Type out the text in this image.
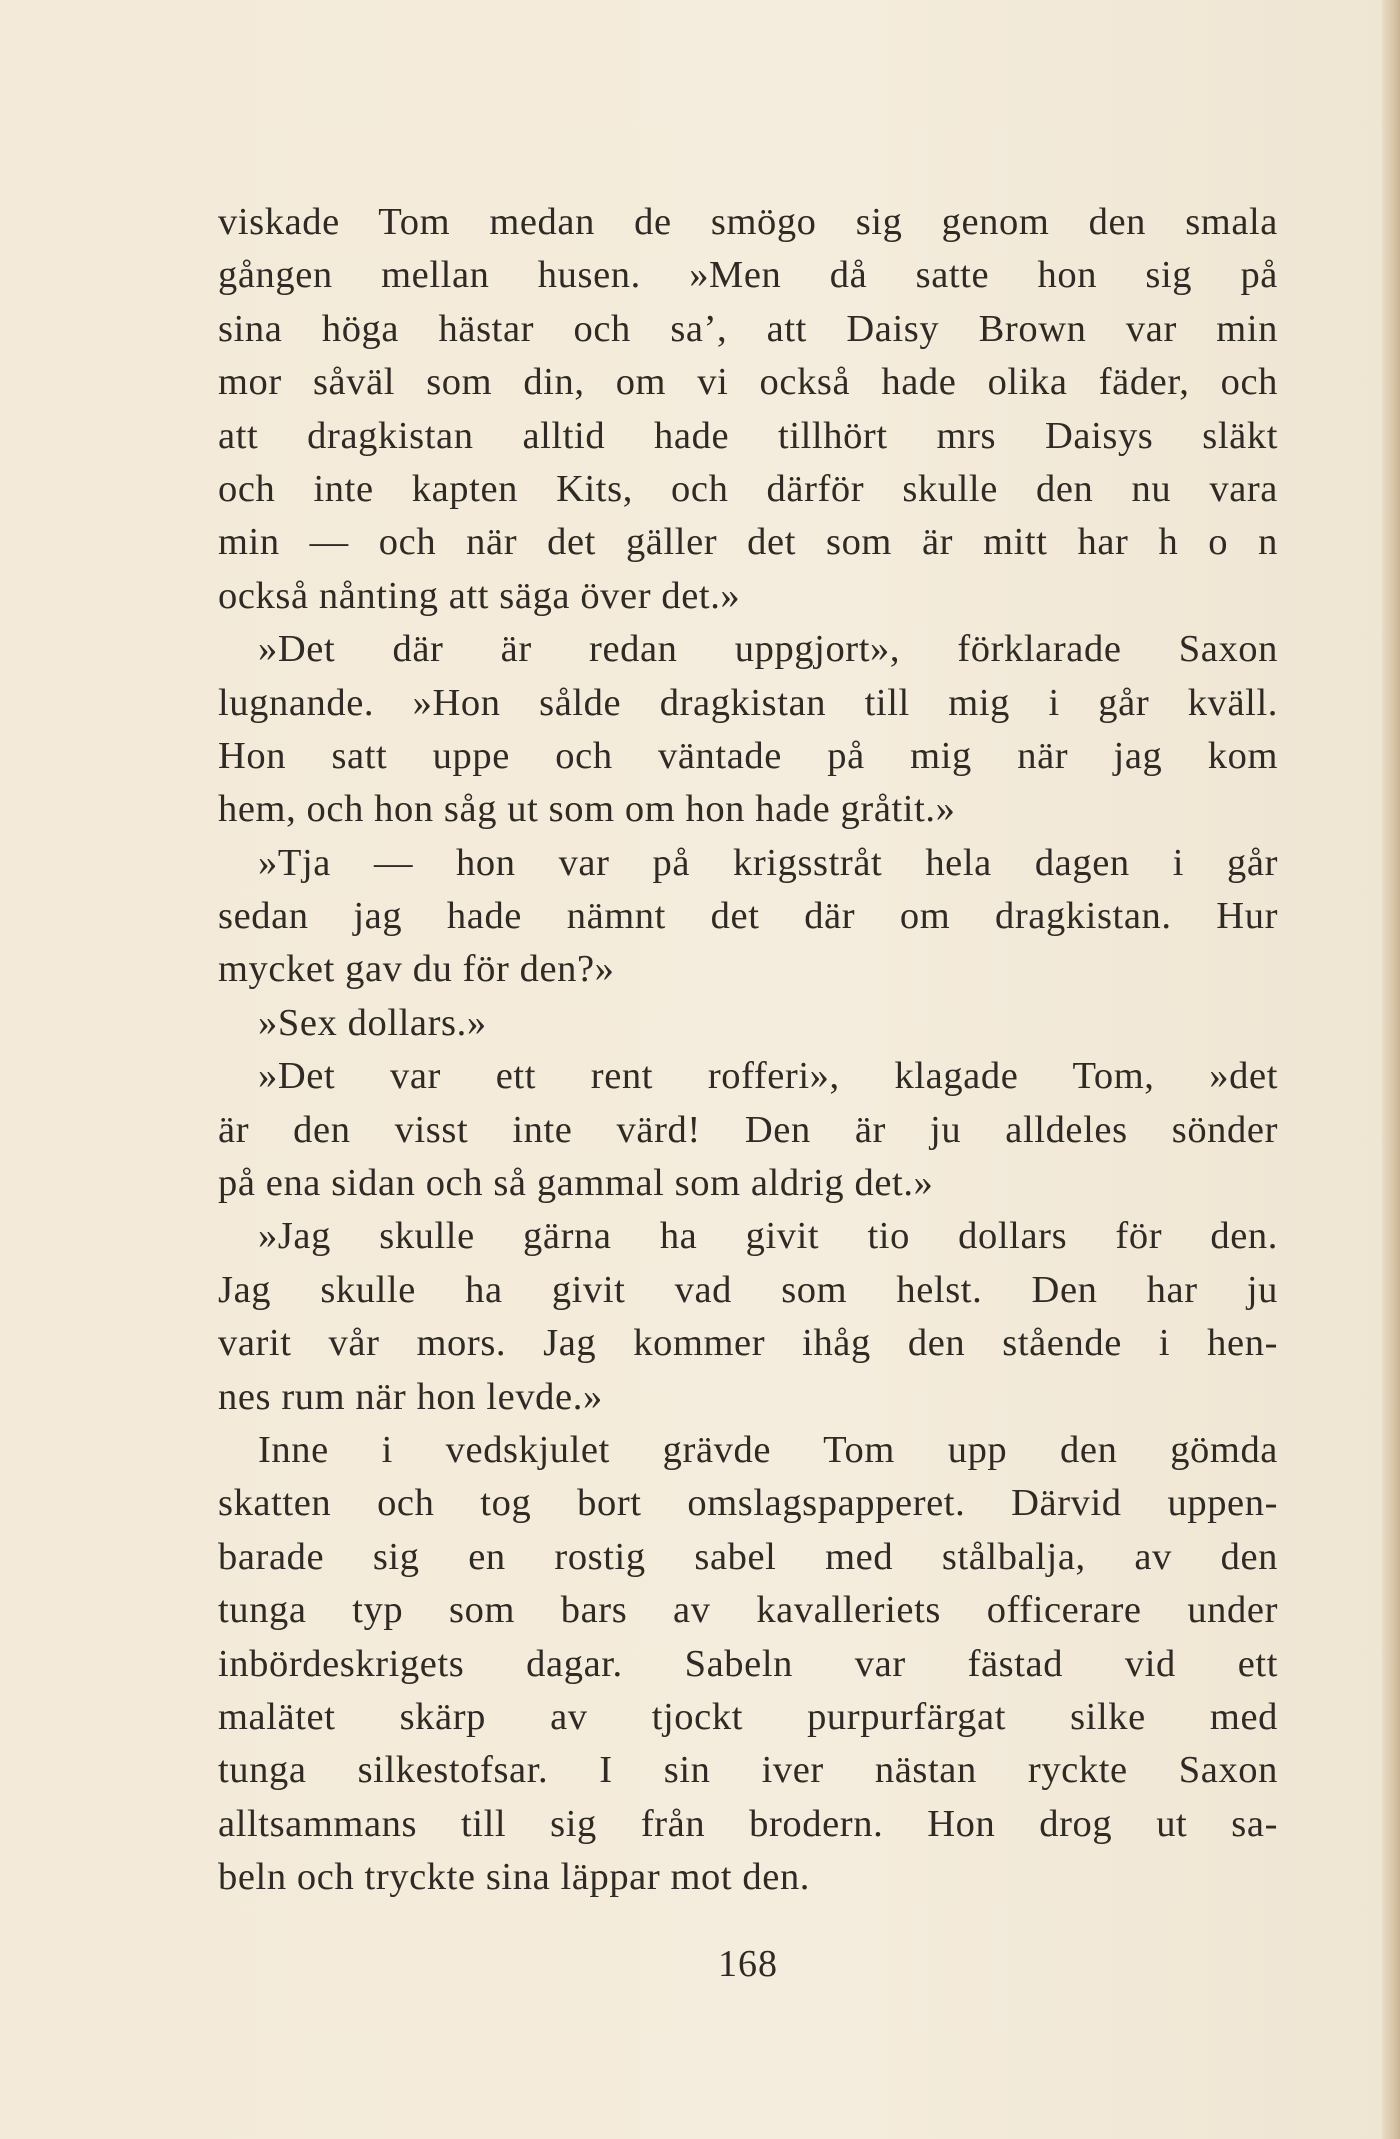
viskade Tom medan de smögo sig genom den smala
gången mellan husen. »Men då satte hon sig på
sina höga hästar och sa’, att Daisy Brown var min
mor såväl som din, om vi också hade olika fäder, och
att dragkistan alltid hade tillhört mrs Daisys släkt
och inte kapten Kits, och därför skulle den nu vara
min — och när det gäller det som är mitt har h o n
också nånting att säga över det.»
»Det där är redan uppgjort», förklarade Saxon
lugnande. »Hon sålde dragkistan till mig i går kväll.
Hon satt uppe och väntade på mig när jag kom
hem, och hon såg ut som om hon hade gråtit.»
»Tja — hon var på krigsstråt hela dagen i går
sedan jag hade nämnt det där om dragkistan. Hur
mycket gav du för den?»
»Sex dollars.»
»Det var ett rent rofferi», klagade Tom, »det
är den visst inte värd! Den är ju alldeles sönder
på ena sidan och så gammal som aldrig det.»
»Jag skulle gärna ha givit tio dollars för den.
Jag skulle ha givit vad som helst. Den har ju
varit vår mors. Jag kommer ihåg den stående i hen-
nes rum när hon levde.»
Inne i vedskjulet grävde Tom upp den gömda
skatten och tog bort omslagspapperet. Därvid uppen-
barade sig en rostig sabel med stålbalja, av den
tunga typ som bars av kavalleriets officerare under
inbördeskrigets dagar. Sabeln var fästad vid ett
malätet skärp av tjockt purpurfärgat silke med
tunga silkestofsar. I sin iver nästan ryckte Saxon
alltsammans till sig från brodern. Hon drog ut sa-
beln och tryckte sina läppar mot den.
168
